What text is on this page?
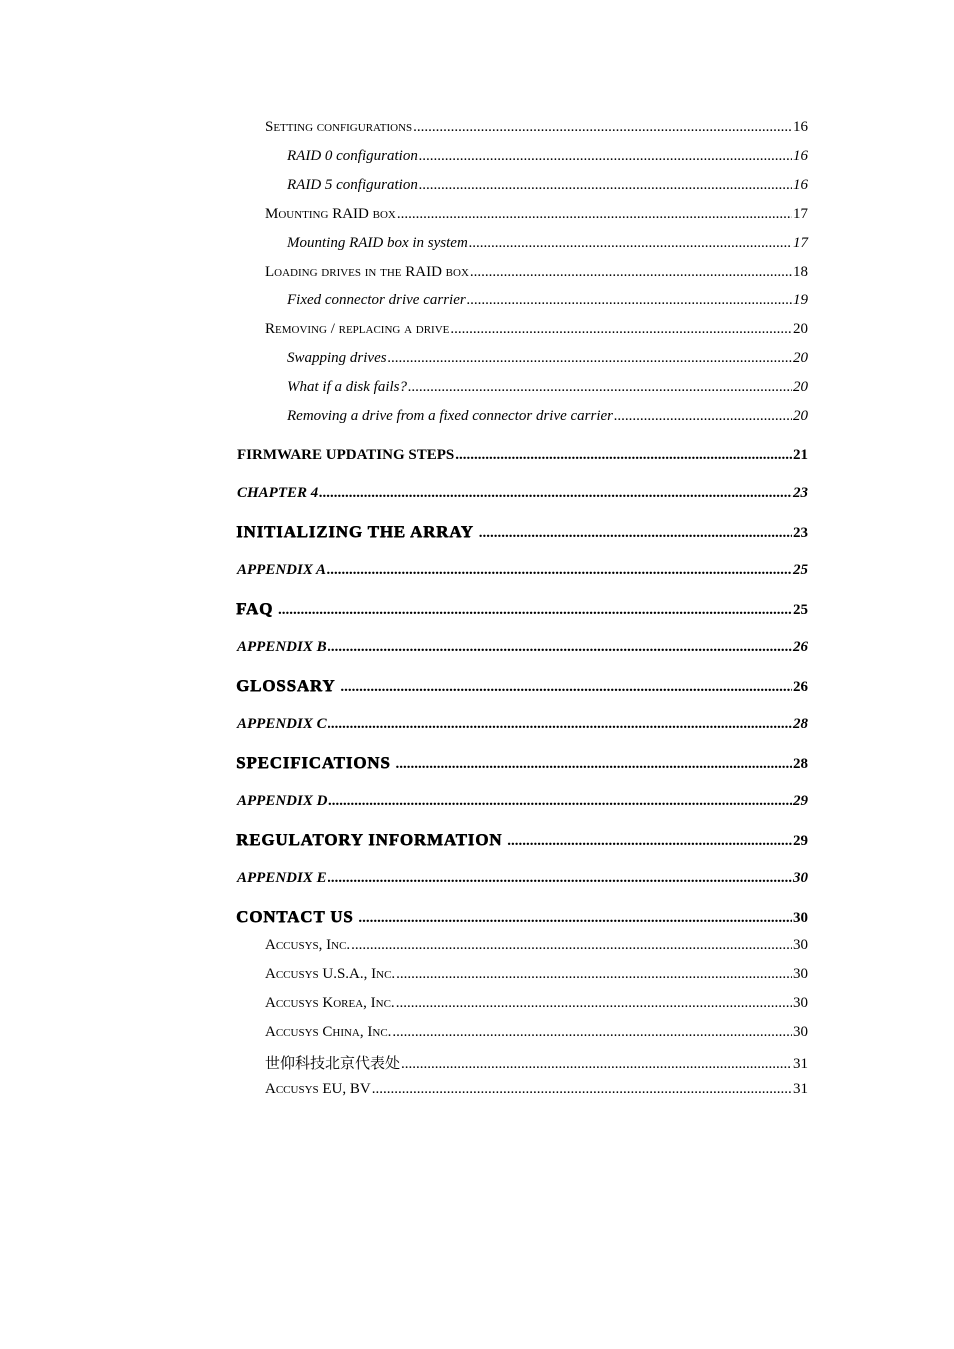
Setting configurations .....	16
RAID 0 configuration .....	16
RAID 5 configuration .....	16
Mounting RAID box .....	17
Mounting RAID box in system .....	17
Loading drives in the RAID box .....	18
Fixed connector drive carrier .....	19
Removing / replacing a drive .....	20
Swapping drives .....	20
What if a disk fails? .....	20
Removing a drive from a fixed connector drive carrier .....	20
FIRMWARE UPDATING STEPS .....	21
CHAPTER 4 .....	23
INITIALIZING THE ARRAY .....	23
APPENDIX A .....	25
FAQ .....	25
APPENDIX B .....	26
GLOSSARY .....	26
APPENDIX C .....	28
SPECIFICATIONS .....	28
APPENDIX D .....	29
REGULATORY INFORMATION .....	29
APPENDIX E .....	30
CONTACT US .....	30
Accusys, Inc. .....	30
Accusys U.S.A., Inc. .....	30
Accusys Korea, Inc. .....	30
Accusys China, Inc. .....	30
世仰科技北京代表处 .....	31
Accusys EU, BV .....	31
